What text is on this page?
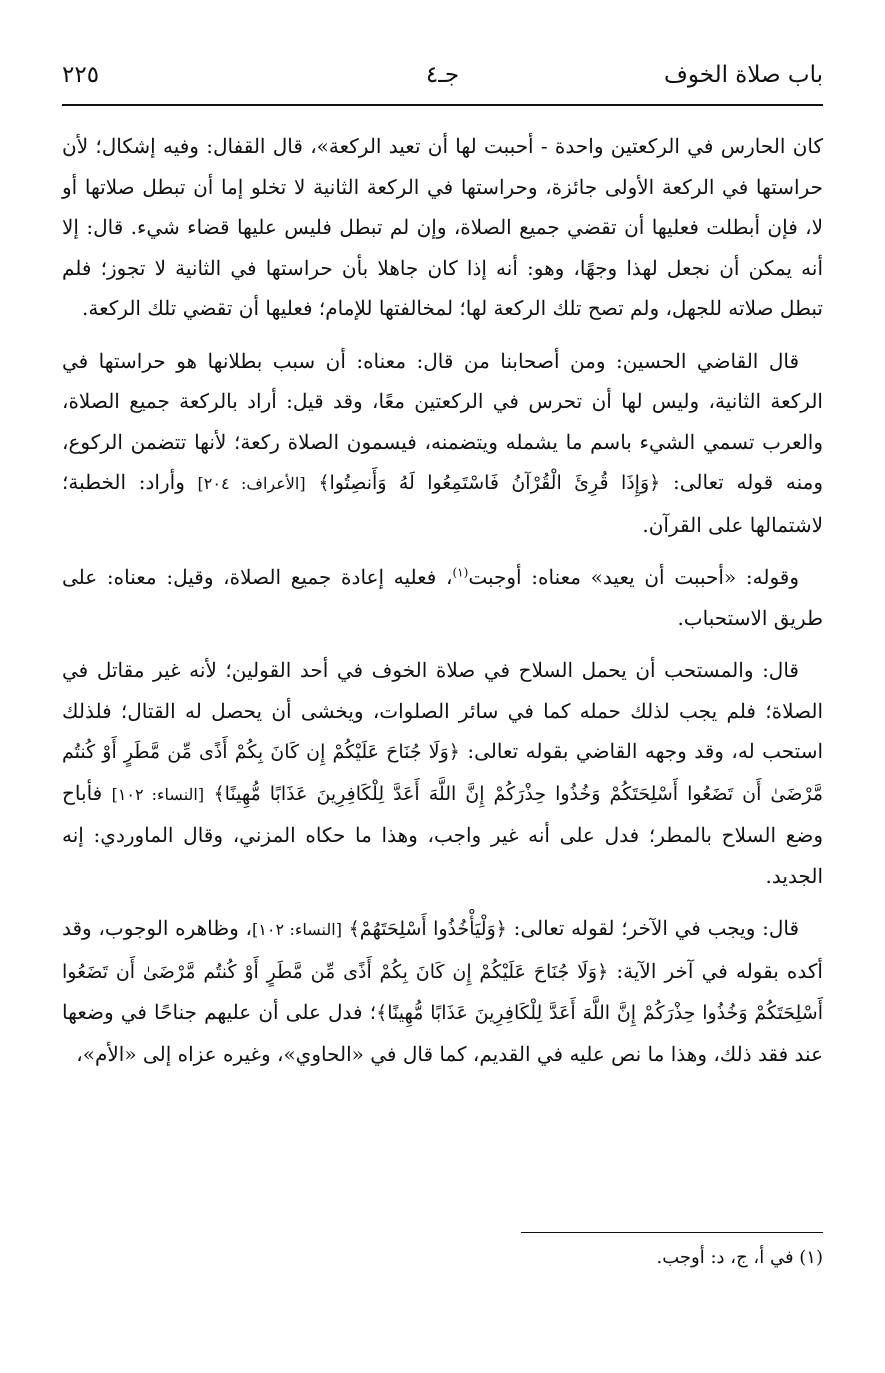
باب صلاة الخوف
جـ٤
٢٢٥

كان الحارس في الركعتين واحدة - أحببت لها أن تعيد الركعة»، قال القفال: وفيه إشكال؛ لأن حراستها في الركعة الأولى جائزة، وحراستها في الركعة الثانية لا تخلو إما أن تبطل صلاتها أو لا، فإن أبطلت فعليها أن تقضي جميع الصلاة، وإن لم تبطل فليس عليها قضاء شيء. قال: إلا أنه يمكن أن نجعل لهذا وجهًا، وهو: أنه إذا كان جاهلا بأن حراستها في الثانية لا تجوز؛ فلم تبطل صلاته للجهل، ولم تصح تلك الركعة لها؛ لمخالفتها للإمام؛ فعليها أن تقضي تلك الركعة.

قال القاضي الحسين: ومن أصحابنا من قال: معناه: أن سبب بطلانها هو حراستها في الركعة الثانية، وليس لها أن تحرس في الركعتين معًا، وقد قيل: أراد بالركعة جميع الصلاة، والعرب تسمي الشيء باسم ما يشمله ويتضمنه، فيسمون الصلاة ركعة؛ لأنها تتضمن الركوع، ومنه قوله تعالى: ﴿وَإِذَا قُرِئَ الْقُرْآنُ فَاسْتَمِعُوا لَهُ وَأَنصِتُوا﴾ [الأعراف: ٢٠٤] وأراد: الخطبة؛ لاشتمالها على القرآن.

وقوله: «أحببت أن يعيد» معناه: أوجبت$^{(١)}$، فعليه إعادة جميع الصلاة، وقيل: معناه: على طريق الاستحباب.

قال: والمستحب أن يحمل السلاح في صلاة الخوف في أحد القولين؛ لأنه غير مقاتل في الصلاة؛ فلم يجب لذلك حمله كما في سائر الصلوات، ويخشى أن يحصل له القتال؛ فلذلك استحب له، وقد وجهه القاضي بقوله تعالى: ﴿وَلَا جُنَاحَ عَلَيْكُمْ إِن كَانَ بِكُمْ أَذًى مِّن مَّطَرٍ أَوْ كُنتُم مَّرْضَىٰ أَن تَضَعُوا أَسْلِحَتَكُمْ وَخُذُوا حِذْرَكُمْ إِنَّ اللَّهَ أَعَدَّ لِلْكَافِرِينَ عَذَابًا مُّهِينًا﴾ [النساء: ١٠٢] فأباح وضع السلاح بالمطر؛ فدل على أنه غير واجب، وهذا ما حكاه المزني، وقال الماوردي: إنه الجديد.

قال: ويجب في الآخر؛ لقوله تعالى: ﴿وَلْيَأْخُذُوا أَسْلِحَتَهُمْ﴾ [النساء: ١٠٢]، وظاهره الوجوب، وقد أكده بقوله في آخر الآية: ﴿وَلَا جُنَاحَ عَلَيْكُمْ إِن كَانَ بِكُمْ أَذًى مِّن مَّطَرٍ أَوْ كُنتُم مَّرْضَىٰ أَن تَضَعُوا أَسْلِحَتَكُمْ وَخُذُوا حِذْرَكُمْ إِنَّ اللَّهَ أَعَدَّ لِلْكَافِرِينَ عَذَابًا مُّهِينًا﴾؛ فدل على أن عليهم جناحًا في وضعها عند فقد ذلك، وهذا ما نص عليه في القديم، كما قال في «الحاوي»، وغيره عزاه إلى «الأم»،

(١) في أ، ج، د: أوجب.
